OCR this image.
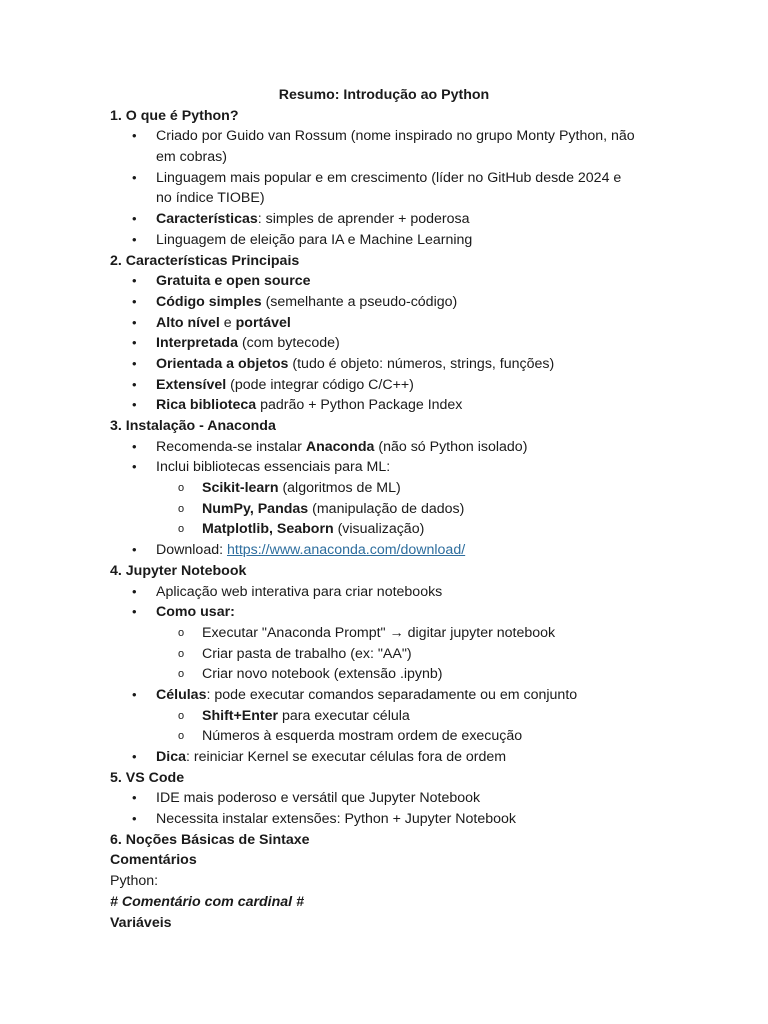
Resumo: Introdução ao Python
1. O que é Python?
• Criado por Guido van Rossum (nome inspirado no grupo Monty Python, não
em cobras)
• Linguagem mais popular e em crescimento (líder no GitHub desde 2024 e
no índice TIOBE)
• Características: simples de aprender + poderosa
• Linguagem de eleição para IA e Machine Learning
2. Características Principais
• Gratuita e open source
• Código simples (semelhante a pseudo-código)
• Alto nível e portável
• Interpretada (com bytecode)
• Orientada a objetos (tudo é objeto: números, strings, funções)
• Extensível (pode integrar código C/C++)
• Rica biblioteca padrão + Python Package Index
3. Instalação - Anaconda
• Recomenda-se instalar Anaconda (não só Python isolado)
• Inclui bibliotecas essenciais para ML:
o Scikit-learn (algoritmos de ML)
o NumPy, Pandas (manipulação de dados)
o Matplotlib, Seaborn (visualização)
• Download: https://www.anaconda.com/download/
4. Jupyter Notebook
• Aplicação web interativa para criar notebooks
• Como usar:
o Executar "Anaconda Prompt" → digitar jupyter notebook
o Criar pasta de trabalho (ex: "AA")
o Criar novo notebook (extensão .ipynb)
• Células: pode executar comandos separadamente ou em conjunto
o Shift+Enter para executar célula
o Números à esquerda mostram ordem de execução
• Dica: reiniciar Kernel se executar células fora de ordem
5. VS Code
• IDE mais poderoso e versátil que Jupyter Notebook
• Necessita instalar extensões: Python + Jupyter Notebook
6. Noções Básicas de Sintaxe
Comentários
Python:
# Comentário com cardinal #
Variáveis
